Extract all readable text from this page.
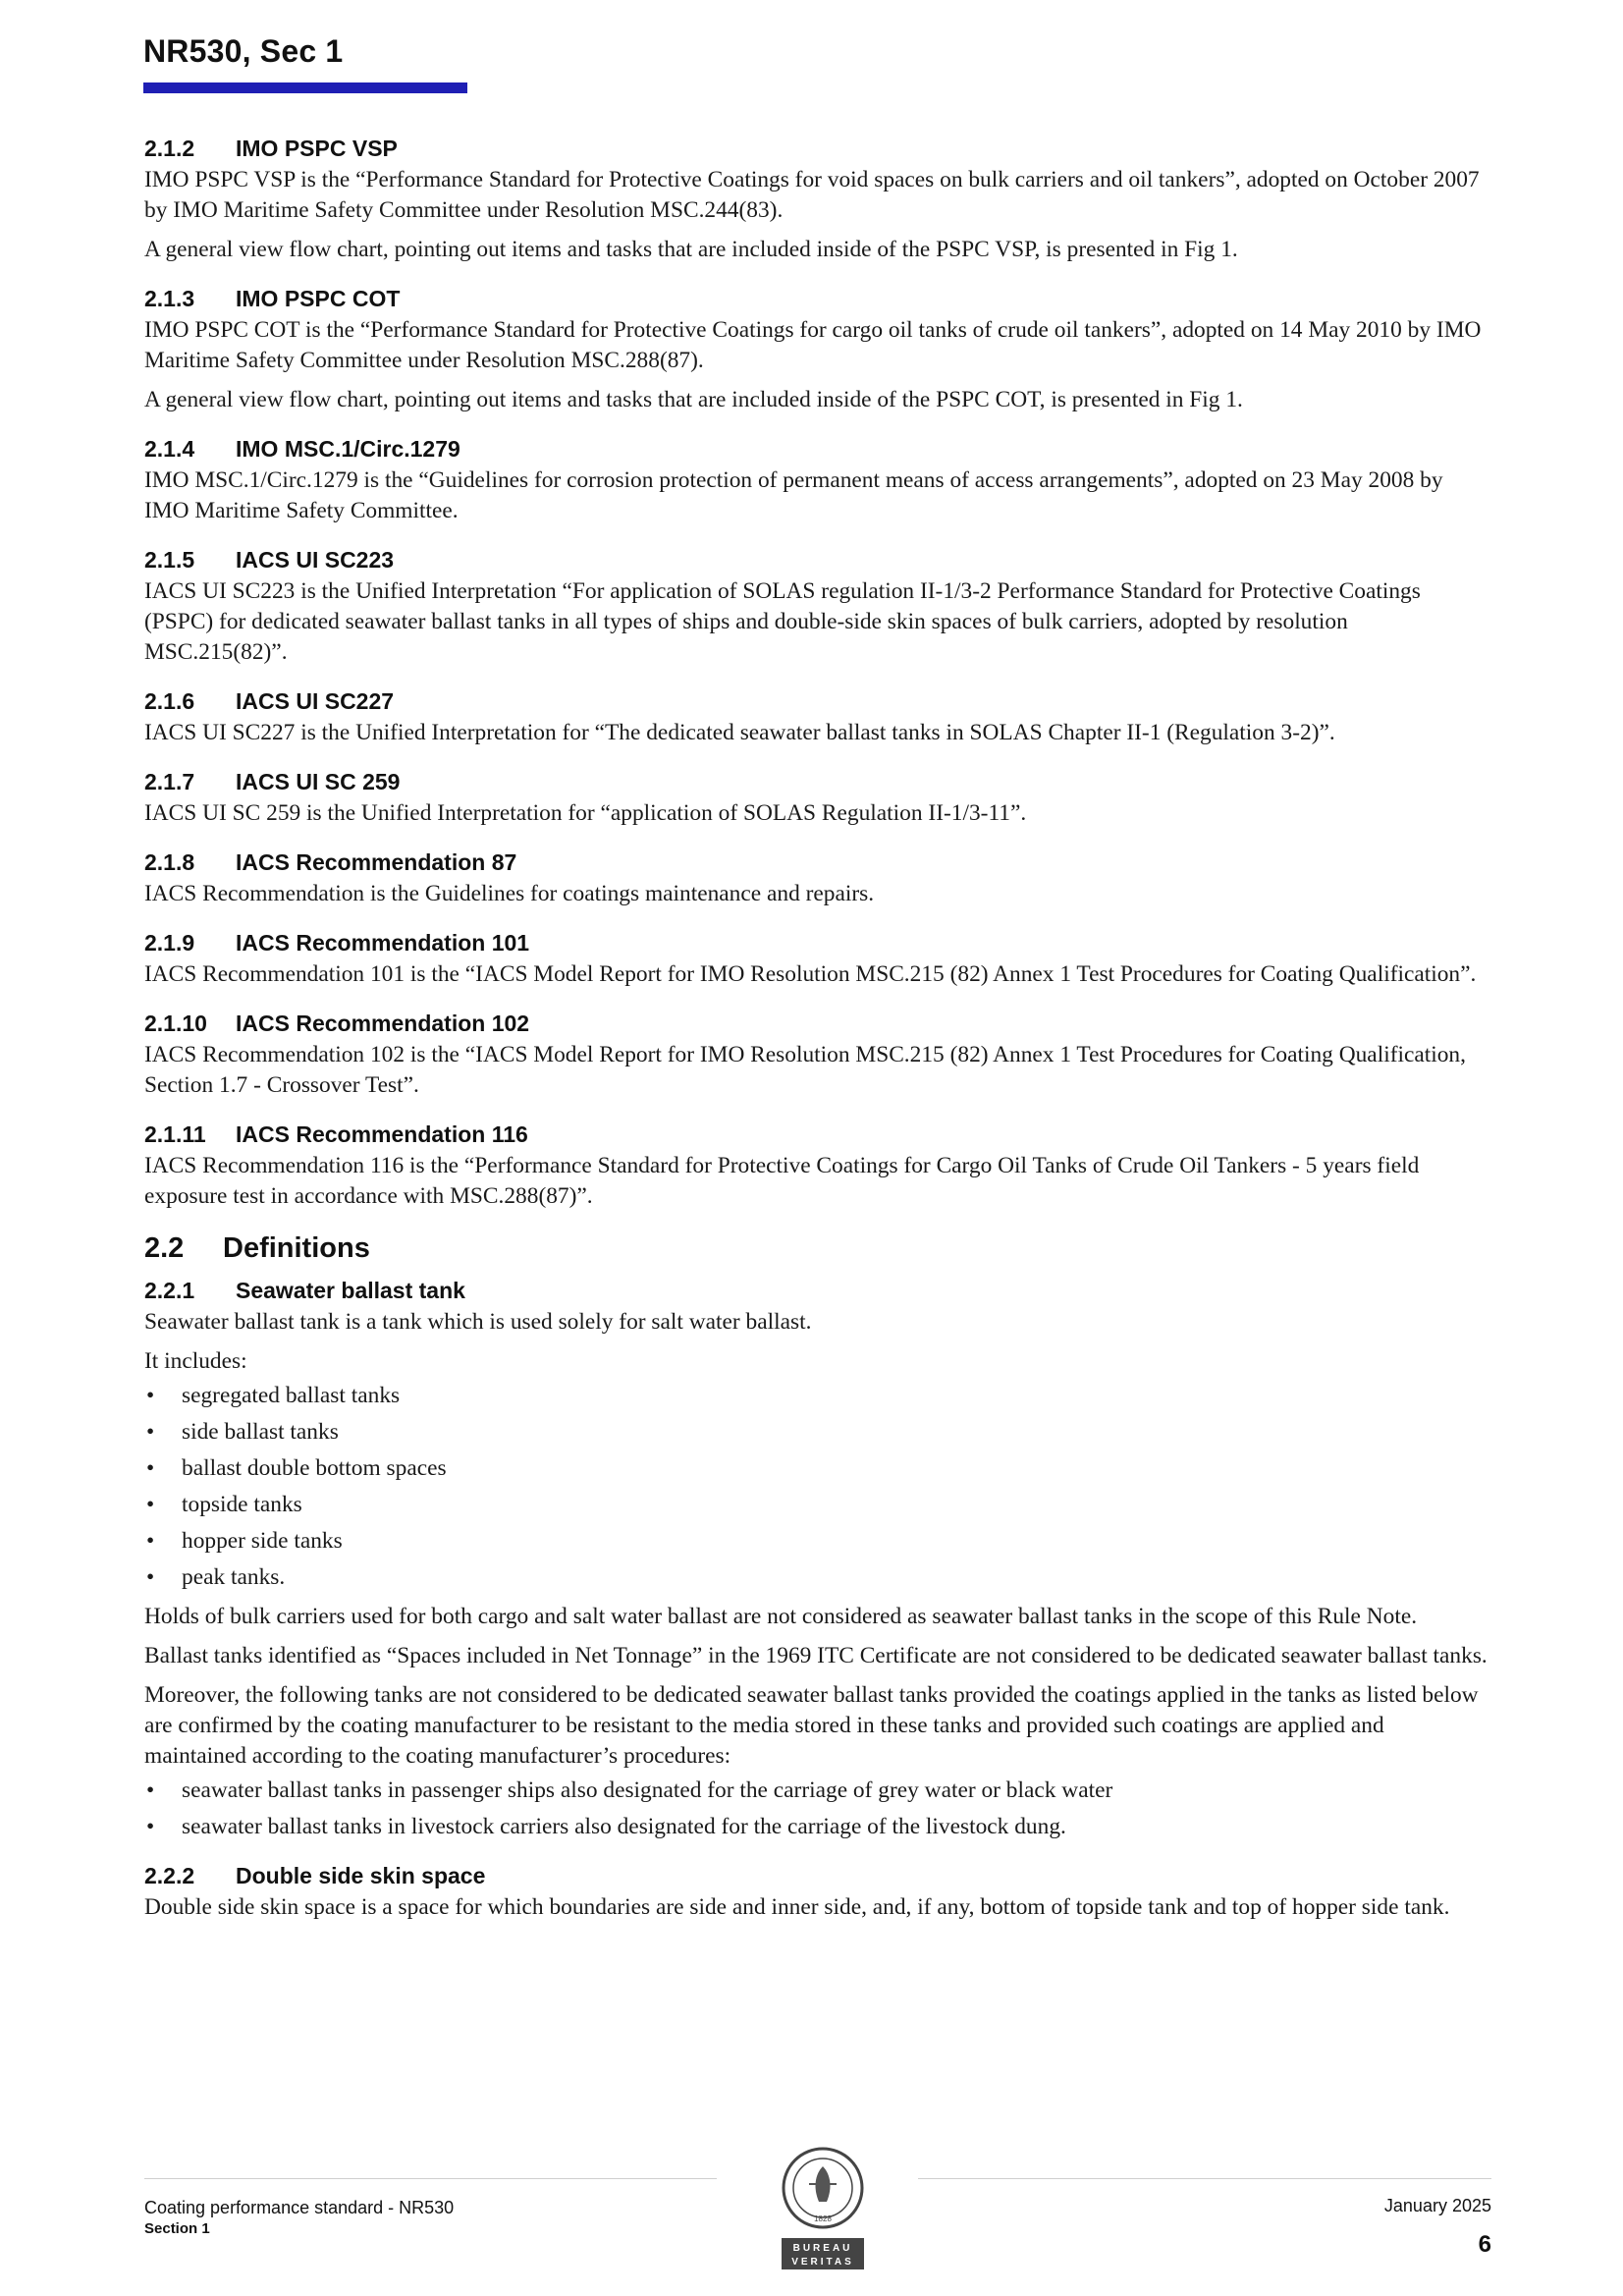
NR530, Sec 1
2.1.2 IMO PSPC VSP

IMO PSPC VSP is the “Performance Standard for Protective Coatings for void spaces on bulk carriers and oil tankers”, adopted on October 2007 by IMO Maritime Safety Committee under Resolution MSC.244(83).

A general view flow chart, pointing out items and tasks that are included inside of the PSPC VSP, is presented in Fig 1.

2.1.3 IMO PSPC COT

IMO PSPC COT is the “Performance Standard for Protective Coatings for cargo oil tanks of crude oil tankers”, adopted on 14 May 2010 by IMO Maritime Safety Committee under Resolution MSC.288(87).

A general view flow chart, pointing out items and tasks that are included inside of the PSPC COT, is presented in Fig 1.

2.1.4 IMO MSC.1/Circ.1279

IMO MSC.1/Circ.1279 is the “Guidelines for corrosion protection of permanent means of access arrangements”, adopted on 23 May 2008 by IMO Maritime Safety Committee.

2.1.5 IACS UI SC223

IACS UI SC223 is the Unified Interpretation “For application of SOLAS regulation II-1/3-2 Performance Standard for Protective Coatings (PSPC) for dedicated seawater ballast tanks in all types of ships and double-side skin spaces of bulk carriers, adopted by resolution MSC.215(82)”.

2.1.6 IACS UI SC227

IACS UI SC227 is the Unified Interpretation for “The dedicated seawater ballast tanks in SOLAS Chapter II-1 (Regulation 3-2)”.

2.1.7 IACS UI SC 259

IACS UI SC 259 is the Unified Interpretation for “application of SOLAS Regulation II-1/3-11”.

2.1.8 IACS Recommendation 87

IACS Recommendation is the Guidelines for coatings maintenance and repairs.

2.1.9 IACS Recommendation 101

IACS Recommendation 101 is the “IACS Model Report for IMO Resolution MSC.215 (82) Annex 1 Test Procedures for Coating Qualification”.

2.1.10 IACS Recommendation 102

IACS Recommendation 102 is the “IACS Model Report for IMO Resolution MSC.215 (82) Annex 1 Test Procedures for Coating Qualification, Section 1.7 - Crossover Test”.

2.1.11 IACS Recommendation 116

IACS Recommendation 116 is the “Performance Standard for Protective Coatings for Cargo Oil Tanks of Crude Oil Tankers - 5 years field exposure test in accordance with MSC.288(87)”.

2.2 Definitions
2.2.1 Seawater ballast tank

Seawater ballast tank is a tank which is used solely for salt water ballast.

It includes:

• segregated ballast tanks
• side ballast tanks
• ballast double bottom spaces
• topside tanks
• hopper side tanks
• peak tanks.

Holds of bulk carriers used for both cargo and salt water ballast are not considered as seawater ballast tanks in the scope of this Rule Note.

Ballast tanks identified as “Spaces included in Net Tonnage” in the 1969 ITC Certificate are not considered to be dedicated seawater ballast tanks.

Moreover, the following tanks are not considered to be dedicated seawater ballast tanks provided the coatings applied in the tanks as listed below are confirmed by the coating manufacturer to be resistant to the media stored in these tanks and provided such coatings are applied and maintained according to the coating manufacturer’s procedures:

• seawater ballast tanks in passenger ships also designated for the carriage of grey water or black water
• seawater ballast tanks in livestock carriers also designated for the carriage of the livestock dung.
2.2.2 Double side skin space

Double side skin space is a space for which boundaries are side and inner side, and, if any, bottom of topside tank and top of hopper side tank.

Coating performance standard - NR530
Section 1
1828
BUREAU
VERITAS
January 2025
6
